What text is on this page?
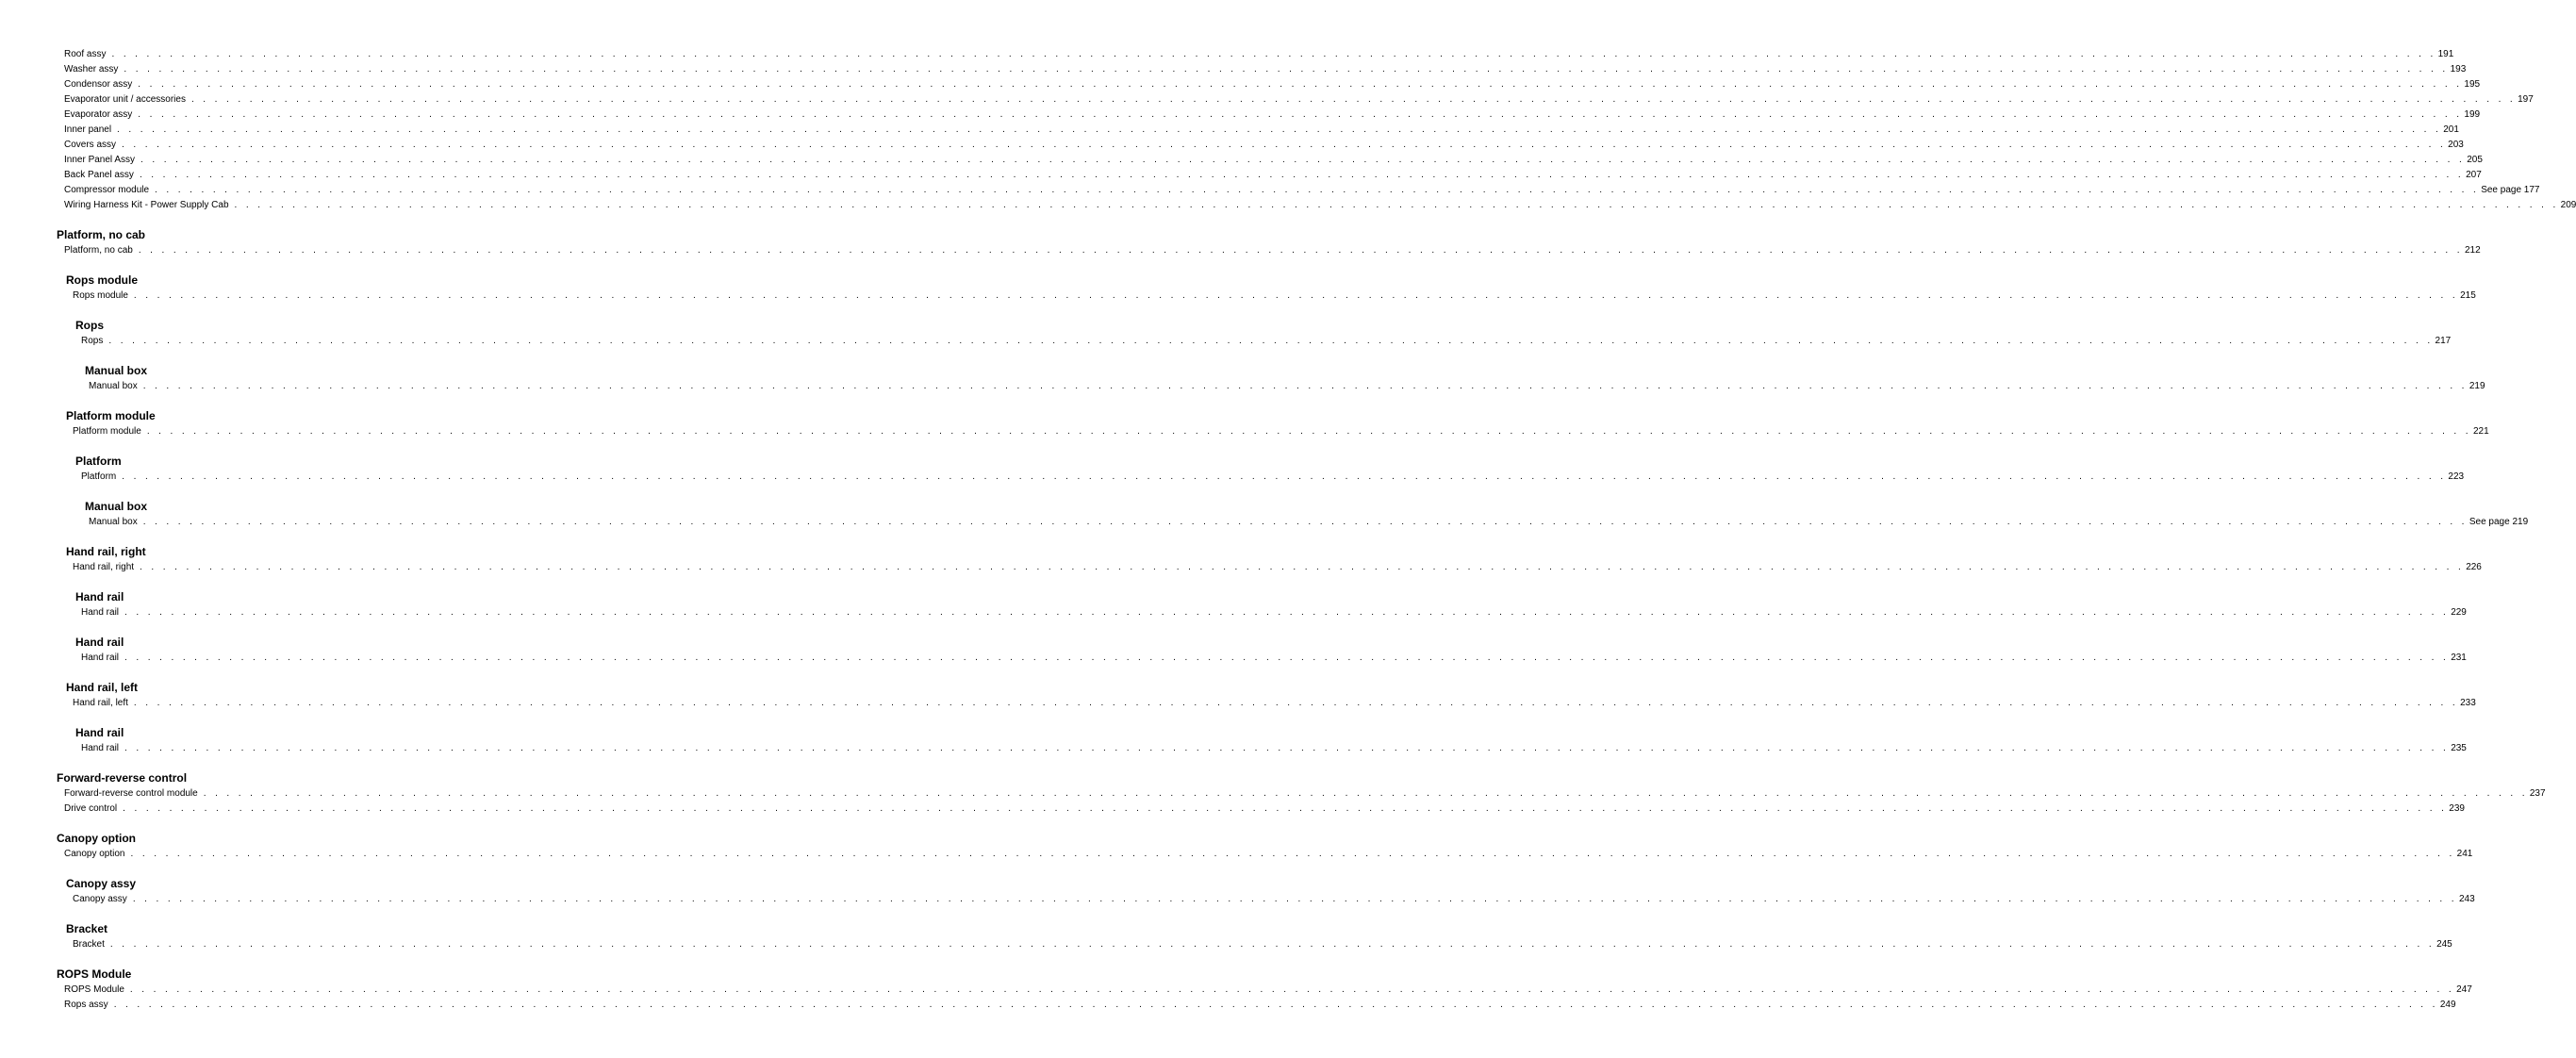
Roof assy . . . . . . . . . . . . . . . . . . . . . . . . . . . . . . . . . . . . . . . . . . . . . . . . . . . . . . . . . . . . . . . . . . . . . . . . . . . . . . . . . . . . . . . . . . . . . . . . . . . . . . . . . . . . . . . . . . . . . . . . . . . . . . . . . . . . . . . . . . . . . . . . . . . . . . . . . . . . . . . . . . . . . . . . . . . . . . . . . . . . . . . . . . . . . . . . . . . . . . . . 191
Washer assy . . . . . . . . . . . . . . . . . . . . . . . . . . . . . . . . . . . . . . . . . . . . . . . . . . . . . . . . . . . . . . . . . . . . . . . . . . . . . . . . . . . . . . . . . . . . . . . . . . . . . . . . . . . . . . . . . . . . . . . . . . . . . . . . . . . . . . . . . . . . . . . . . . . . . . . . . . . . . . . . . . . . . . . . . . . . . . . . . . . . . . . . . . . . . . . . . . . . . . . . 193
Condensor assy . . . . . . . . . . . . . . . . . . . . . . . . . . . . . . . . . . . . . . . . . . . . . . . . . . . . . . . . . . . . . . . . . . . . . . . . . . . . . . . . . . . . . . . . . . . . . . . . . . . . . . . . . . . . . . . . . . . . . . . . . . . . . . . . . . . . . . . . . . . . . . . . . . . . . . . . . . . . . . . . . . . . . . . . . . . . . . . . . . . . . . . . . . . . . . . . . . . . . . . . 195
Evaporator unit / accessories . . . . . . . . . . . . . . . . . . . . . . . . . . . . . . . . . . . . . . . . . . . . . . . . . . . . . . . . . . . . . . . . . . . . . . . . . . . . . . . . . . . . . . . . . . . . . . . . . . . . . . . . . . . . . . . . . . . . . . . . . . . . . . . . . . . . . . . . . . . . . . . . . . . . . . . . . . . . . . . . . . . . . . . . . . . . . . . . . . . . . . . . . . . . . . . . . . . . . . . . 197
Evaporator assy . . . . . . . . . . . . . . . . . . . . . . . . . . . . . . . . . . . . . . . . . . . . . . . . . . . . . . . . . . . . . . . . . . . . . . . . . . . . . . . . . . . . . . . . . . . . . . . . . . . . . . . . . . . . . . . . . . . . . . . . . . . . . . . . . . . . . . . . . . . . . . . . . . . . . . . . . . . . . . . . . . . . . . . . . . . . . . . . . . . . . . . . . . . . . . . . . . . . . . . . 199
Inner panel . . . . . . . . . . . . . . . . . . . . . . . . . . . . . . . . . . . . . . . . . . . . . . . . . . . . . . . . . . . . . . . . . . . . . . . . . . . . . . . . . . . . . . . . . . . . . . . . . . . . . . . . . . . . . . . . . . . . . . . . . . . . . . . . . . . . . . . . . . . . . . . . . . . . . . . . . . . . . . . . . . . . . . . . . . . . . . . . . . . . . . . . . . . . . . . . . . . . . . . . 201
Covers assy . . . . . . . . . . . . . . . . . . . . . . . . . . . . . . . . . . . . . . . . . . . . . . . . . . . . . . . . . . . . . . . . . . . . . . . . . . . . . . . . . . . . . . . . . . . . . . . . . . . . . . . . . . . . . . . . . . . . . . . . . . . . . . . . . . . . . . . . . . . . . . . . . . . . . . . . . . . . . . . . . . . . . . . . . . . . . . . . . . . . . . . . . . . . . . . . . . . . . . . . 203
Inner Panel Assy . . . . . . . . . . . . . . . . . . . . . . . . . . . . . . . . . . . . . . . . . . . . . . . . . . . . . . . . . . . . . . . . . . . . . . . . . . . . . . . . . . . . . . . . . . . . . . . . . . . . . . . . . . . . . . . . . . . . . . . . . . . . . . . . . . . . . . . . . . . . . . . . . . . . . . . . . . . . . . . . . . . . . . . . . . . . . . . . . . . . . . . . . . . . . . . . . . . . . . . . 205
Back Panel assy . . . . . . . . . . . . . . . . . . . . . . . . . . . . . . . . . . . . . . . . . . . . . . . . . . . . . . . . . . . . . . . . . . . . . . . . . . . . . . . . . . . . . . . . . . . . . . . . . . . . . . . . . . . . . . . . . . . . . . . . . . . . . . . . . . . . . . . . . . . . . . . . . . . . . . . . . . . . . . . . . . . . . . . . . . . . . . . . . . . . . . . . . . . . . . . . . . . . . . . . 207
Compressor module . . . . . . . . . . . . . . . . . . . . . . . . . . . . . . . . . . . . . . . . . . . . . . . . . . . . . . . . . . . . . . . . . . . . . . . . . . . . . . . . . . . . . . . . . . . . . . . . . . . . . . . . . . . . . . . . . . . . . . . . . . . . . . . . . . . . . . . . . . . . . . . . . . . . . . . . . . . . . . . . . . . . . . . . . . . . . . . . . . . . . . . . . . . . . . . . . . . . . . . . See page 177
Wiring Harness Kit - Power Supply Cab . . . . . . . . . . . . . . . . . . . . . . . . . . . . . . . . . . . . . . . . . . . . . . . . . . . . . . . . . . . . . . . . . . . . . . . . . . . . . . . . . . . . . . . . . . . . . . . . . . . . . . . . . . . . . . . . . . . . . . . . . . . . . . . . . . . . . . . . . . . . . . . . . . . . . . . . . . . . . . . . . . . . . . . . . . . . . . . . . . . . . . . . . . . . . . . . . . . . . . . . 209
Platform, no cab
Platform, no cab . . . . . . . . . . . . . . . . . . . . . . . . . . . . . . . . . . . . . . . . . . . . . . . . . . . . . . . . . . . . . . . . . . . . . . . . . . . . . . . . . . . . . . . . . . . . . . . . . . . . . . . . . . . . . . . . . . . . . . . . . . . . . . . . . . . . . . . . . . . . . . . . . . . . . . . . . . . . . . . . . . . . . . . . . . . . . . . . . . . . . . . . . . . . . . . . . . . . . . . . 212
Rops module
Rops module . . . . . . . . . . . . . . . . . . . . . . . . . . . . . . . . . . . . . . . . . . . . . . . . . . . . . . . . . . . . . . . . . . . . . . . . . . . . . . . . . . . . . . . . . . . . . . . . . . . . . . . . . . . . . . . . . . . . . . . . . . . . . . . . . . . . . . . . . . . . . . . . . . . . . . . . . . . . . . . . . . . . . . . . . . . . . . . . . . . . . . . . . . . . . . . . . . . . . . . . 215
Rops
Rops . . . . . . . . . . . . . . . . . . . . . . . . . . . . . . . . . . . . . . . . . . . . . . . . . . . . . . . . . . . . . . . . . . . . . . . . . . . . . . . . . . . . . . . . . . . . . . . . . . . . . . . . . . . . . . . . . . . . . . . . . . . . . . . . . . . . . . . . . . . . . . . . . . . . . . . . . . . . . . . . . . . . . . . . . . . . . . . . . . . . . . . . . . . . . . . . . . . . . . . . 217
Manual box
Manual box . . . . . . . . . . . . . . . . . . . . . . . . . . . . . . . . . . . . . . . . . . . . . . . . . . . . . . . . . . . . . . . . . . . . . . . . . . . . . . . . . . . . . . . . . . . . . . . . . . . . . . . . . . . . . . . . . . . . . . . . . . . . . . . . . . . . . . . . . . . . . . . . . . . . . . . . . . . . . . . . . . . . . . . . . . . . . . . . . . . . . . . . . . . . . . . . . . . . . . . . 219
Platform module
Platform module . . . . . . . . . . . . . . . . . . . . . . . . . . . . . . . . . . . . . . . . . . . . . . . . . . . . . . . . . . . . . . . . . . . . . . . . . . . . . . . . . . . . . . . . . . . . . . . . . . . . . . . . . . . . . . . . . . . . . . . . . . . . . . . . . . . . . . . . . . . . . . . . . . . . . . . . . . . . . . . . . . . . . . . . . . . . . . . . . . . . . . . . . . . . . . . . . . . . . . . . 221
Platform
Platform . . . . . . . . . . . . . . . . . . . . . . . . . . . . . . . . . . . . . . . . . . . . . . . . . . . . . . . . . . . . . . . . . . . . . . . . . . . . . . . . . . . . . . . . . . . . . . . . . . . . . . . . . . . . . . . . . . . . . . . . . . . . . . . . . . . . . . . . . . . . . . . . . . . . . . . . . . . . . . . . . . . . . . . . . . . . . . . . . . . . . . . . . . . . . . . . . . . . . . . . 223
Manual box
Manual box . . . . . . . . . . . . . . . . . . . . . . . . . . . . . . . . . . . . . . . . . . . . . . . . . . . . . . . . . . . . . . . . . . . . . . . . . . . . . . . . . . . . . . . . . . . . . . . . . . . . . . . . . . . . . . . . . . . . . . . . . . . . . . . . . . . . . . . . . . . . . . . . . . . . . . . . . . . . . . . . . . . . . . . . . . . . . . . . . . . . . . . . . . . . . . . . . . . . . . . . See page 219
Hand rail, right
Hand rail, right . . . . . . . . . . . . . . . . . . . . . . . . . . . . . . . . . . . . . . . . . . . . . . . . . . . . . . . . . . . . . . . . . . . . . . . . . . . . . . . . . . . . . . . . . . . . . . . . . . . . . . . . . . . . . . . . . . . . . . . . . . . . . . . . . . . . . . . . . . . . . . . . . . . . . . . . . . . . . . . . . . . . . . . . . . . . . . . . . . . . . . . . . . . . . . . . . . . . . . . . 226
Hand rail
Hand rail . . . . . . . . . . . . . . . . . . . . . . . . . . . . . . . . . . . . . . . . . . . . . . . . . . . . . . . . . . . . . . . . . . . . . . . . . . . . . . . . . . . . . . . . . . . . . . . . . . . . . . . . . . . . . . . . . . . . . . . . . . . . . . . . . . . . . . . . . . . . . . . . . . . . . . . . . . . . . . . . . . . . . . . . . . . . . . . . . . . . . . . . . . . . . . . . . . . . . . . . 229
Hand rail
Hand rail . . . . . . . . . . . . . . . . . . . . . . . . . . . . . . . . . . . . . . . . . . . . . . . . . . . . . . . . . . . . . . . . . . . . . . . . . . . . . . . . . . . . . . . . . . . . . . . . . . . . . . . . . . . . . . . . . . . . . . . . . . . . . . . . . . . . . . . . . . . . . . . . . . . . . . . . . . . . . . . . . . . . . . . . . . . . . . . . . . . . . . . . . . . . . . . . . . . . . . . . 231
Hand rail, left
Hand rail, left . . . . . . . . . . . . . . . . . . . . . . . . . . . . . . . . . . . . . . . . . . . . . . . . . . . . . . . . . . . . . . . . . . . . . . . . . . . . . . . . . . . . . . . . . . . . . . . . . . . . . . . . . . . . . . . . . . . . . . . . . . . . . . . . . . . . . . . . . . . . . . . . . . . . . . . . . . . . . . . . . . . . . . . . . . . . . . . . . . . . . . . . . . . . . . . . . . . . . . . . 233
Hand rail
Hand rail . . . . . . . . . . . . . . . . . . . . . . . . . . . . . . . . . . . . . . . . . . . . . . . . . . . . . . . . . . . . . . . . . . . . . . . . . . . . . . . . . . . . . . . . . . . . . . . . . . . . . . . . . . . . . . . . . . . . . . . . . . . . . . . . . . . . . . . . . . . . . . . . . . . . . . . . . . . . . . . . . . . . . . . . . . . . . . . . . . . . . . . . . . . . . . . . . . . . . . . . 235
Forward-reverse control
Forward-reverse control module . . . . . . . . . . . . . . . . . . . . . . . . . . . . . . . . . . . . . . . . . . . . . . . . . . . . . . . . . . . . . . . . . . . . . . . . . . . . . . . . . . . . . . . . . . . . . . . . . . . . . . . . . . . . . . . . . . . . . . . . . . . . . . . . . . . . . . . . . . . . . . . . . . . . . . . . . . . . . . . . . . . . . . . . . . . . . . . . . . . . . . . . . . . . . . . . . . . . . . . . 237
Drive control . . . . . . . . . . . . . . . . . . . . . . . . . . . . . . . . . . . . . . . . . . . . . . . . . . . . . . . . . . . . . . . . . . . . . . . . . . . . . . . . . . . . . . . . . . . . . . . . . . . . . . . . . . . . . . . . . . . . . . . . . . . . . . . . . . . . . . . . . . . . . . . . . . . . . . . . . . . . . . . . . . . . . . . . . . . . . . . . . . . . . . . . . . . . . . . . . . . . . . . . 239
Canopy option
Canopy option . . . . . . . . . . . . . . . . . . . . . . . . . . . . . . . . . . . . . . . . . . . . . . . . . . . . . . . . . . . . . . . . . . . . . . . . . . . . . . . . . . . . . . . . . . . . . . . . . . . . . . . . . . . . . . . . . . . . . . . . . . . . . . . . . . . . . . . . . . . . . . . . . . . . . . . . . . . . . . . . . . . . . . . . . . . . . . . . . . . . . . . . . . . . . . . . . . . . . . . . 241
Canopy assy
Canopy assy . . . . . . . . . . . . . . . . . . . . . . . . . . . . . . . . . . . . . . . . . . . . . . . . . . . . . . . . . . . . . . . . . . . . . . . . . . . . . . . . . . . . . . . . . . . . . . . . . . . . . . . . . . . . . . . . . . . . . . . . . . . . . . . . . . . . . . . . . . . . . . . . . . . . . . . . . . . . . . . . . . . . . . . . . . . . . . . . . . . . . . . . . . . . . . . . . . . . . . . . 243
Bracket
Bracket . . . . . . . . . . . . . . . . . . . . . . . . . . . . . . . . . . . . . . . . . . . . . . . . . . . . . . . . . . . . . . . . . . . . . . . . . . . . . . . . . . . . . . . . . . . . . . . . . . . . . . . . . . . . . . . . . . . . . . . . . . . . . . . . . . . . . . . . . . . . . . . . . . . . . . . . . . . . . . . . . . . . . . . . . . . . . . . . . . . . . . . . . . . . . . . . . . . . . . . . 245
ROPS Module
ROPS Module . . . . . . . . . . . . . . . . . . . . . . . . . . . . . . . . . . . . . . . . . . . . . . . . . . . . . . . . . . . . . . . . . . . . . . . . . . . . . . . . . . . . . . . . . . . . . . . . . . . . . . . . . . . . . . . . . . . . . . . . . . . . . . . . . . . . . . . . . . . . . . . . . . . . . . . . . . . . . . . . . . . . . . . . . . . . . . . . . . . . . . . . . . . . . . . . . . . . . . . . 247
Rops assy . . . . . . . . . . . . . . . . . . . . . . . . . . . . . . . . . . . . . . . . . . . . . . . . . . . . . . . . . . . . . . . . . . . . . . . . . . . . . . . . . . . . . . . . . . . . . . . . . . . . . . . . . . . . . . . . . . . . . . . . . . . . . . . . . . . . . . . . . . . . . . . . . . . . . . . . . . . . . . . . . . . . . . . . . . . . . . . . . . . . . . . . . . . . . . . . . . . . . . . . 249
